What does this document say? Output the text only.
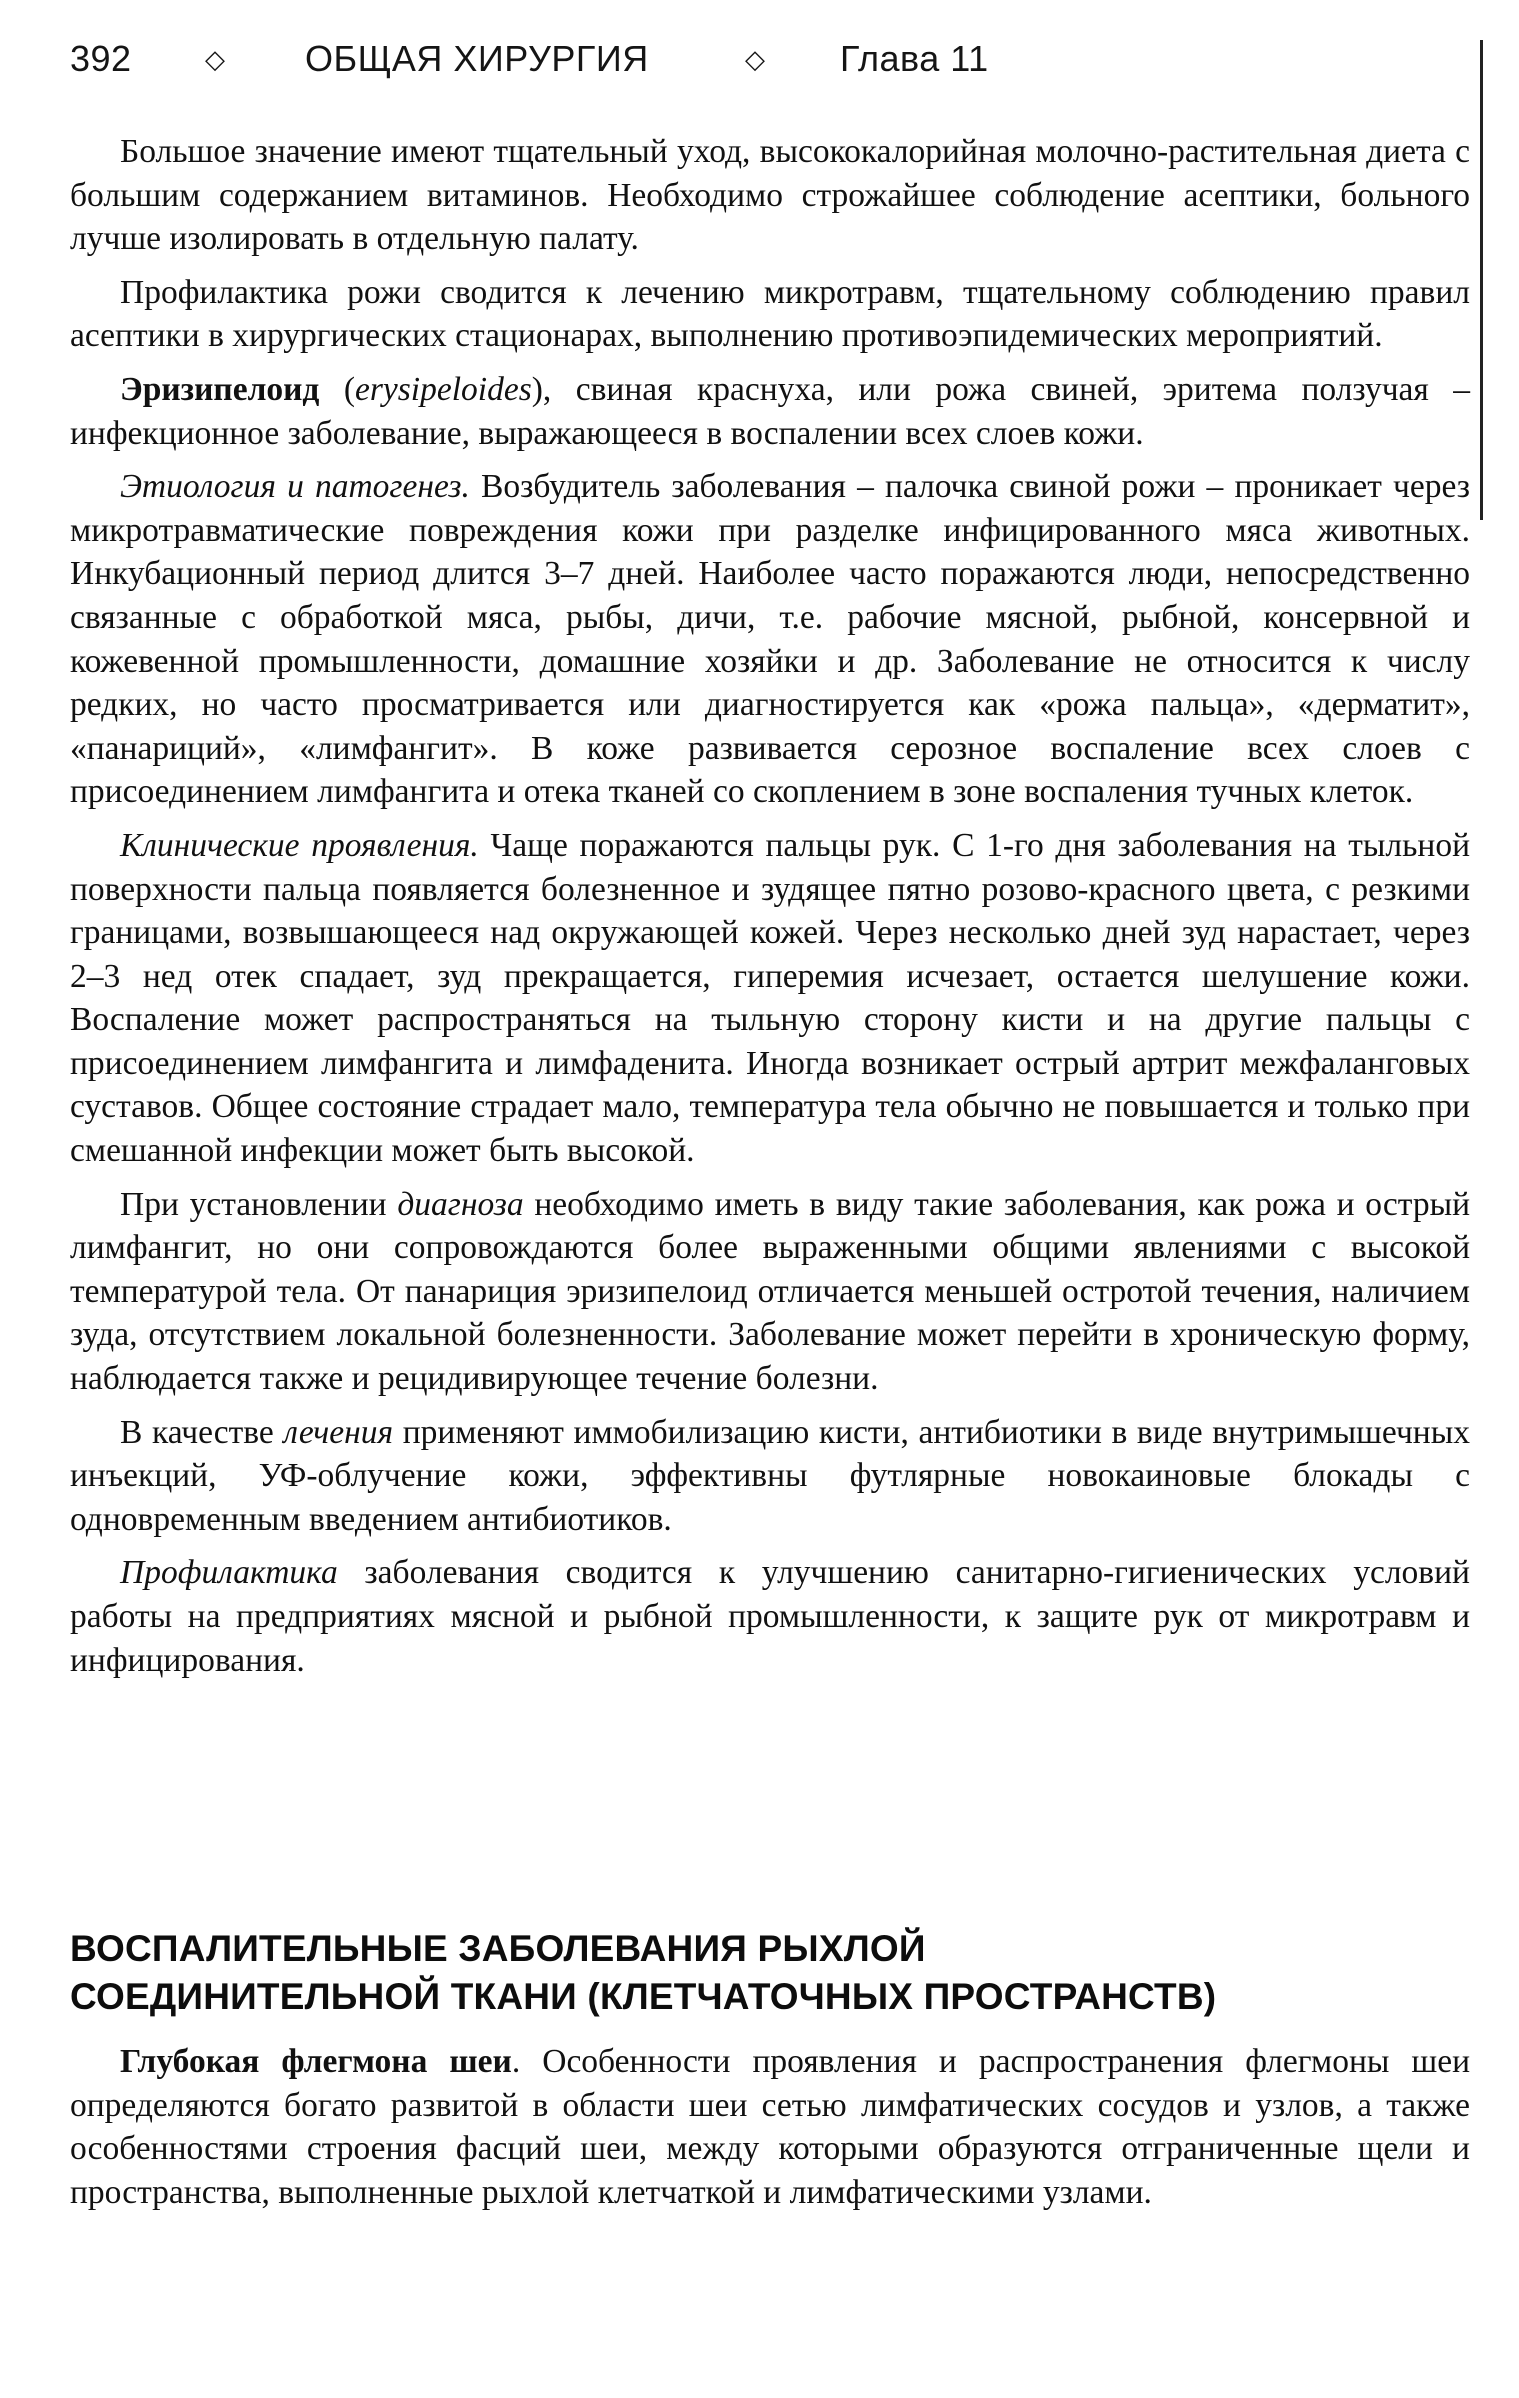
392	◇ ОБЩАЯ ХИРУРГИЯ	◇ Глава 11

Большое значение имеют тщательный уход, высококалорийная молочно-растительная диета с большим содержанием витаминов. Необходимо строжайшее соблюдение асептики, больного лучше изолировать в отдельную палату.

Профилактика рожи сводится к лечению микротравм, тщательному соблюдению правил асептики в хирургических стационарах, выполнению противоэпидемических мероприятий.

Эризипелоид (erysipeloides), свиная краснуха, или рожа свиней, эритема ползучая – инфекционное заболевание, выражающееся в воспалении всех слоев кожи.

Этиология и патогенез. Возбудитель заболевания – палочка свиной рожи – проникает через микротравматические повреждения кожи при разделке инфицированного мяса животных. Инкубационный период длится 3–7 дней. Наиболее часто поражаются люди, непосредственно связанные с обработкой мяса, рыбы, дичи, т.е. рабочие мясной, рыбной, консервной и кожевенной промышленности, домашние хозяйки и др. Заболевание не относится к числу редких, но часто просматривается или диагностируется как «рожа пальца», «дерматит», «панариций», «лимфангит». В коже развивается серозное воспаление всех слоев с присоединением лимфангита и отека тканей со скоплением в зоне воспаления тучных клеток.

Клинические проявления. Чаще поражаются пальцы рук. С 1-го дня заболевания на тыльной поверхности пальца появляется болезненное и зудящее пятно розово-красного цвета, с резкими границами, возвышающееся над окружающей кожей. Через несколько дней зуд нарастает, через 2–3 нед отек спадает, зуд прекращается, гиперемия исчезает, остается шелушение кожи. Воспаление может распространяться на тыльную сторону кисти и на другие пальцы с присоединением лимфангита и лимфаденита. Иногда возникает острый артрит межфаланговых суставов. Общее состояние страдает мало, температура тела обычно не повышается и только при смешанной инфекции может быть высокой.

При установлении диагноза необходимо иметь в виду такие заболевания, как рожа и острый лимфангит, но они сопровождаются более выраженными общими явлениями с высокой температурой тела. От панариция эризипелоид отличается меньшей остротой течения, наличием зуда, отсутствием локальной болезненности. Заболевание может перейти в хроническую форму, наблюдается также и рецидивирующее течение болезни.

В качестве лечения применяют иммобилизацию кисти, антибиотики в виде внутримышечных инъекций, УФ-облучение кожи, эффективны футлярные новокаиновые блокады с одновременным введением антибиотиков.

Профилактика заболевания сводится к улучшению санитарно-гигиенических условий работы на предприятиях мясной и рыбной промышленности, к защите рук от микротравм и инфицирования.

ВОСПАЛИТЕЛЬНЫЕ ЗАБОЛЕВАНИЯ РЫХЛОЙ
СОЕДИНИТЕЛЬНОЙ ТКАНИ (КЛЕТЧАТОЧНЫХ ПРОСТРАНСТВ)

Глубокая флегмона шеи. Особенности проявления и распространения флегмоны шеи определяются богато развитой в области шеи сетью лимфатических сосудов и узлов, а также особенностями строения фасций шеи, между которыми образуются отграниченные щели и пространства, выполненные рыхлой клетчаткой и лимфатическими узлами.
